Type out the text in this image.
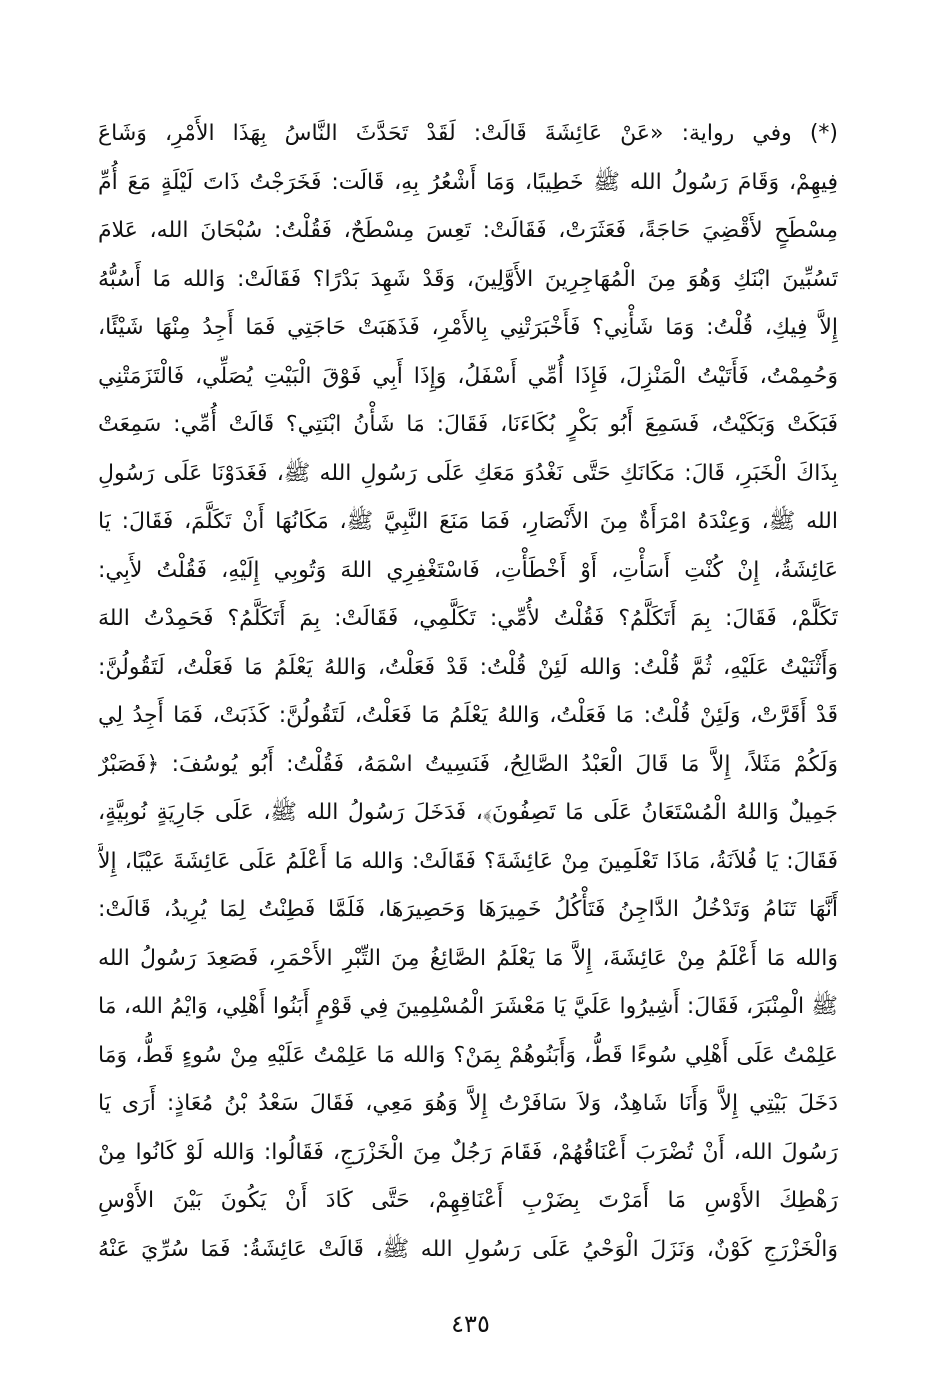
(*) وفي رواية: «عَنْ عَائِشَةَ قَالَتْ: لَقَدْ تَحَدَّثَ النَّاسُ بِهَذَا الأَمْرِ، وَشَاعَ
فِيهِمْ، وَقَامَ رَسُولُ الله ﷺ خَطِيبًا، وَمَا أَشْعُرُ بِهِ، قَالَت: فَخَرَجْتُ ذَاتَ لَيْلَةٍ مَعَ أُمِّ
مِسْطَحٍ لأَقْضِيَ حَاجَةً، فَعَثَرَتْ، فَقَالَتْ: تَعِسَ مِسْطَحٌ، فَقُلْتُ: سُبْحَانَ الله، عَلامَ
تَسُبِّينَ ابْنَكِ وَهُوَ مِنَ الْمُهَاجِرِينَ الأَوَّلِينَ، وَقَدْ شَهِدَ بَدْرًا؟ فَقَالَتْ: وَالله مَا أَسُبُّهُ
إِلاَّ فِيكِ، قُلْتُ: وَمَا شَأْنِي؟ فَأَخْبَرَتْنِي بِالأَمْرِ، فَذَهَبَتْ حَاجَتِي فَمَا أَجِدُ مِنْهَا شَيْئًا،
وَحُمِمْتُ، فَأَتَيْتُ الْمَنْزِلَ، فَإِذَا أُمِّي أَسْفَلُ، وَإِذَا أَبِي فَوْقَ الْبَيْتِ يُصَلِّي، فَالْتَزَمَتْنِي
فَبَكَتْ وَبَكَيْتُ، فَسَمِعَ أَبُو بَكْرٍ بُكَاءَنَا، فَقَالَ: مَا شَأْنُ ابْنَتِي؟ قَالَتْ أُمِّي: سَمِعَتْ
بِذَاكَ الْخَبَرِ، قَالَ: مَكَانَكِ حَتَّى نَغْدُوَ مَعَكِ عَلَى رَسُولِ الله ﷺ، فَغَدَوْنَا عَلَى رَسُولِ
الله ﷺ، وَعِنْدَهُ امْرَأَةٌ مِنَ الأَنْصَارِ، فَمَا مَنَعَ النَّبِيَّ ﷺ، مَكَانُهَا أَنْ تَكَلَّمَ، فَقَالَ: يَا
عَائِشَةُ، إِنْ كُنْتِ أَسَأْتِ، أَوْ أَخْطَأْتِ، فَاسْتَغْفِرِي اللهَ وَتُوبِي إِلَيْهِ، فَقُلْتُ لأَبِي:
تَكَلَّمْ، فَقَالَ: بِمَ أَتَكَلَّمُ؟ فَقُلْتُ لأُمِّي: تَكَلَّمِي، فَقَالَتْ: بِمَ أَتَكَلَّمُ؟ فَحَمِدْتُ اللهَ
وَأَثْنَيْتُ عَلَيْهِ، ثُمَّ قُلْتُ: وَالله لَئِنْ قُلْتُ: قَدْ فَعَلْتُ، وَاللهُ يَعْلَمُ مَا فَعَلْتُ، لَتَقُولُنَّ:
قَدْ أَقَرَّتْ، وَلَئِنْ قُلْتُ: مَا فَعَلْتُ، وَاللهُ يَعْلَمُ مَا فَعَلْتُ، لَتَقُولُنَّ: كَذَبَتْ، فَمَا أَجِدُ لِي
وَلَكُمْ مَثَلاً، إِلاَّ مَا قَالَ الْعَبْدُ الصَّالِحُ، فَنَسِيتُ اسْمَهُ، فَقُلْتُ: أَبُو يُوسُفَ: ﴿فَصَبْرٌ
جَمِيلٌ وَاللهُ الْمُسْتَعَانُ عَلَى مَا تَصِفُونَ﴾، فَدَخَلَ رَسُولُ الله ﷺ، عَلَى جَارِيَةٍ نُوبِيَّةٍ،
فَقَالَ: يَا فُلاَنَةُ، مَاذَا تَعْلَمِينَ مِنْ عَائِشَةَ؟ فَقَالَتْ: وَالله مَا أَعْلَمُ عَلَى عَائِشَةَ عَيْبًا، إِلاَّ
أَنَّهَا تَنَامُ وَتَدْخُلُ الدَّاجِنُ فَتَأْكُلُ خَمِيرَهَا وَحَصِيرَهَا، فَلَمَّا فَطِنْتُ لِمَا يُرِيدُ، قَالَتْ:
وَالله مَا أَعْلَمُ مِنْ عَائِشَةَ، إِلاَّ مَا يَعْلَمُ الصَّائِغُ مِنَ التِّبْرِ الأَحْمَرِ، فَصَعِدَ رَسُولُ الله
ﷺ الْمِنْبَرَ، فَقَالَ: أَشِيرُوا عَلَيَّ يَا مَعْشَرَ الْمُسْلِمِينَ فِي قَوْمٍ أَبَنُوا أَهْلِي، وَايْمُ الله، مَا
عَلِمْتُ عَلَى أَهْلِي سُوءًا قَطُّ، وَأَبَنُوهُمْ بِمَنْ؟ وَالله مَا عَلِمْتُ عَلَيْهِ مِنْ سُوءٍ قَطُّ، وَمَا
دَخَلَ بَيْتِي إِلاَّ وَأَنَا شَاهِدٌ، وَلاَ سَافَرْتُ إِلاَّ وَهُوَ مَعِي، فَقَالَ سَعْدُ بْنُ مُعَاذٍ: أَرَى يَا
رَسُولَ الله، أَنْ تُضْرَبَ أَعْنَاقُهُمْ، فَقَامَ رَجُلٌ مِنَ الْخَزْرَجِ، فَقَالُوا: وَالله لَوْ كَانُوا مِنْ
رَهْطِكَ الأَوْسِ مَا أَمَرْتَ بِضَرْبِ أَعْنَاقِهِمْ، حَتَّى كَادَ أَنْ يَكُونَ بَيْنَ الأَوْسِ
وَالْخَزْرَجِ كَوْنٌ، وَنَزَلَ الْوَحْيُ عَلَى رَسُولِ الله ﷺ، قَالَتْ عَائِشَةُ: فَمَا سُرِّيَ عَنْهُ
٤٣٥
